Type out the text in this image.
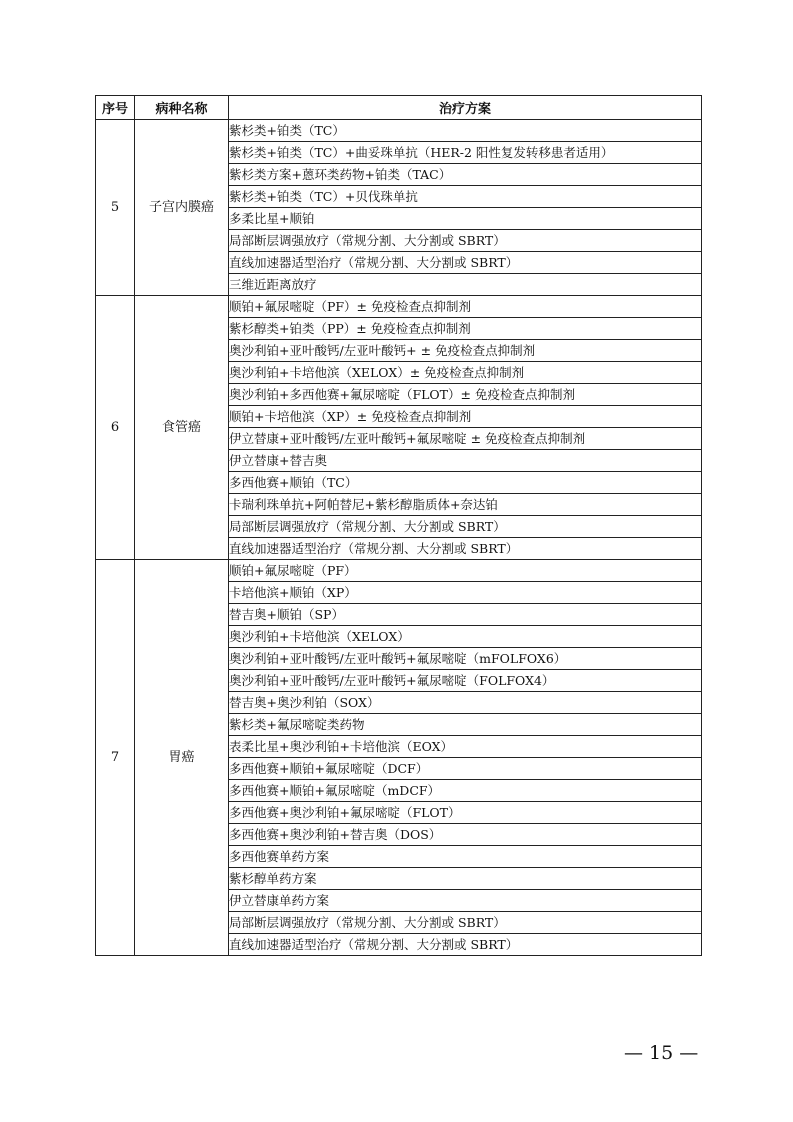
序号	病种名称	治疗方案
5	子宫内膜癌	紫杉类+铂类（TC）
		紫杉类+铂类（TC）+曲妥珠单抗（HER-2 阳性复发转移患者适用）
		紫杉类方案+蒽环类药物+铂类（TAC）
		紫杉类+铂类（TC）+贝伐珠单抗
		多柔比星+顺铂
		局部断层调强放疗（常规分割、大分割或 SBRT）
		直线加速器适型治疗（常规分割、大分割或 SBRT）
		三维近距离放疗
6	食管癌	顺铂+氟尿嘧啶（PF）± 免疫检查点抑制剂
		紫杉醇类+铂类（PP）± 免疫检查点抑制剂
		奥沙利铂+亚叶酸钙/左亚叶酸钙+ ± 免疫检查点抑制剂
		奥沙利铂+卡培他滨（XELOX）± 免疫检查点抑制剂
		奥沙利铂+多西他赛+氟尿嘧啶（FLOT）± 免疫检查点抑制剂
		顺铂+卡培他滨（XP）± 免疫检查点抑制剂
		伊立替康+亚叶酸钙/左亚叶酸钙+氟尿嘧啶 ± 免疫检查点抑制剂
		伊立替康+替吉奥
		多西他赛+顺铂（TC）
		卡瑞利珠单抗+阿帕替尼+紫杉醇脂质体+奈达铂
		局部断层调强放疗（常规分割、大分割或 SBRT）
		直线加速器适型治疗（常规分割、大分割或 SBRT）
7	胃癌	顺铂+氟尿嘧啶（PF）
		卡培他滨+顺铂（XP）
		替吉奥+顺铂（SP）
		奥沙利铂+卡培他滨（XELOX）
		奥沙利铂+亚叶酸钙/左亚叶酸钙+氟尿嘧啶（mFOLFOX6）
		奥沙利铂+亚叶酸钙/左亚叶酸钙+氟尿嘧啶（FOLFOX4）
		替吉奥+奥沙利铂（SOX）
		紫杉类+氟尿嘧啶类药物
		表柔比星+奥沙利铂+卡培他滨（EOX）
		多西他赛+顺铂+氟尿嘧啶（DCF）
		多西他赛+顺铂+氟尿嘧啶（mDCF）
		多西他赛+奥沙利铂+氟尿嘧啶（FLOT）
		多西他赛+奥沙利铂+替吉奥（DOS）
		多西他赛单药方案
		紫杉醇单药方案
		伊立替康单药方案
		局部断层调强放疗（常规分割、大分割或 SBRT）
		直线加速器适型治疗（常规分割、大分割或 SBRT）
— 15 —
